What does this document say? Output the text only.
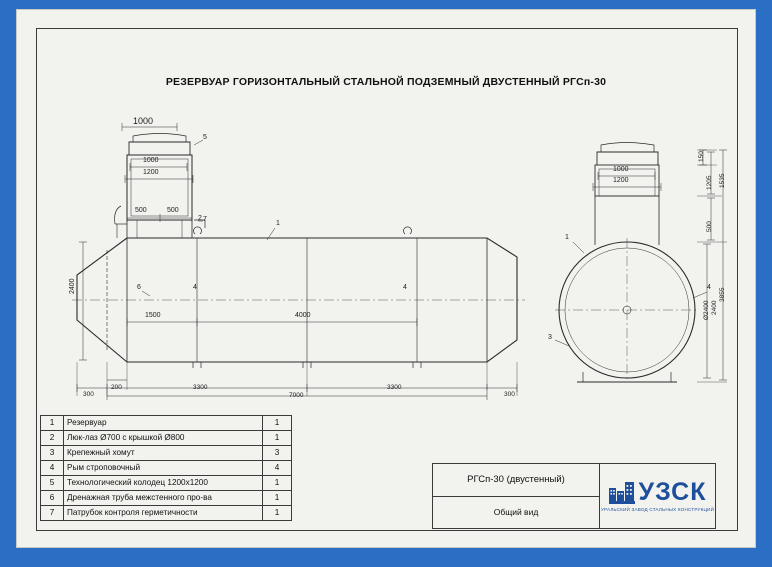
РЕЗЕРВУАР ГОРИЗОНТАЛЬНЫЙ СТАЛЬНОЙ ПОДЗЕМНЫЙ ДВУСТЕННЫЙ РГСп-30
1000
1000
1200
500	500
2400
1500	4000
300
200	3300
7000
3300
300
5
2 7
1
6	4	4
1000
1200
150
1205
500
1535
3855
Ø2400 2400
1
4
3
1	Резервуар	1
2	Люк-лаз Ø700 с крышкой Ø800	1
3	Крепежный хомут	3
4	Рым строповочный	4
5	Технологический колодец 1200х1200	1
6	Дренажная труба межстенного про-ва	1
7	Патрубок контроля герметичности	1
РГСп-30 (двустенный)
Общий вид
УЗСК
УРАЛЬСКИЙ ЗАВОД СТАЛЬНЫХ КОНСТРУКЦИЙ
